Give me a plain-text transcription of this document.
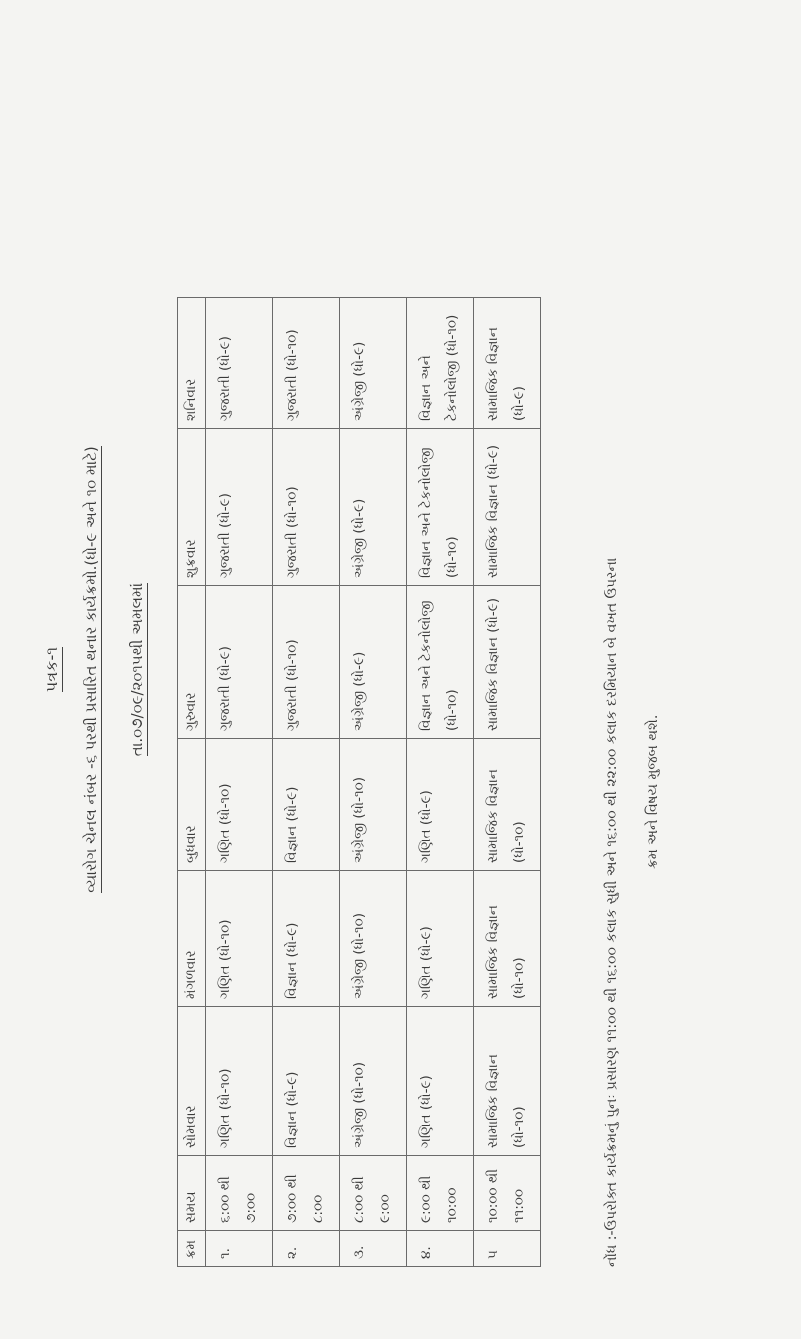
પત્રક-૧ વ્યારોગ ચેનલ નંબર -૬ પરથી પ્રસારિત થનાર કાર્યક્રમો.(ધો-૯ અને ૧૦ માટે) તા.૦૭/૦૯/૨૦૧૫થી અમલમાં
ક્રમ	સમય	સોમવાર	મંગળવાર	બુધવાર	ગુરુવાર	શુક્રવાર	શનિવાર
૧.	૬:૦૦ થી ૭:૦૦	ગણિત (ધો-૧૦)	ગણિત (ધો-૧૦)	ગણિત (ધો-૧૦)	ગુજરાતી (ધો-૯)	ગુજરાતી (ધો-૯)	ગુજરાતી (ધો-૯)
૨.	૭:૦૦ થી ૮:૦૦	વિજ્ઞાન (ધો-૯)	વિજ્ઞાન (ધો-૯)	વિજ્ઞાન (ધો-૯)	ગુજરાતી (ધો-૧૦)	ગુજરાતી (ધો-૧૦)	ગુજરાતી (ધો-૧૦)
૩.	૮:૦૦ થી ૯:૦૦	અંગ્રેજી (ધો-૧૦)	અંગ્રેજી (ધો-૧૦)	અંગ્રેજી (ધો-૧૦)	અંગ્રેજી (ધો-૯)	અંગ્રેજી (ધો-૯)	અંગ્રેજી (ધો-૯)
૪.	૯:૦૦ થી ૧૦:૦૦	ગણિત (ધો-૯)	ગણિત (ધો-૯)	ગણિત (ધો-૯)	વિજ્ઞાન અને ટેકનોલોજી (ધો-૧૦)	વિજ્ઞાન અને ટેકનોલોજી (ધો-૧૦)	વિજ્ઞાન અને ટેકનોલોજી (ધો-૧૦)
૫	૧૦:૦૦ થી ૧૧:૦૦	સામાજિક વિજ્ઞાન (ધો-૧૦)	સામાજિક વિજ્ઞાન (ધો-૧૦)	સામાજિક વિજ્ઞાન (ધો-૧૦)	સામાજિક વિજ્ઞાન (ધો-૯)	સામાજિક વિજ્ઞાન (ધો-૯)	સામાજિક વિજ્ઞાન (ધો-૯)
નોંધ :-ઉપરોક્ત કાર્યક્રમનું પુનઃ પ્રસારણ ૧૧:૦૦ થી ૧૬:૦૦ કલાક સુધી અને ૧૬:૦૦ થી ૨૨:૦૦ કલાક દરમિયાન બે વખત ઉપરના	ક્રમ અને વિષય મુજબ થશે.
